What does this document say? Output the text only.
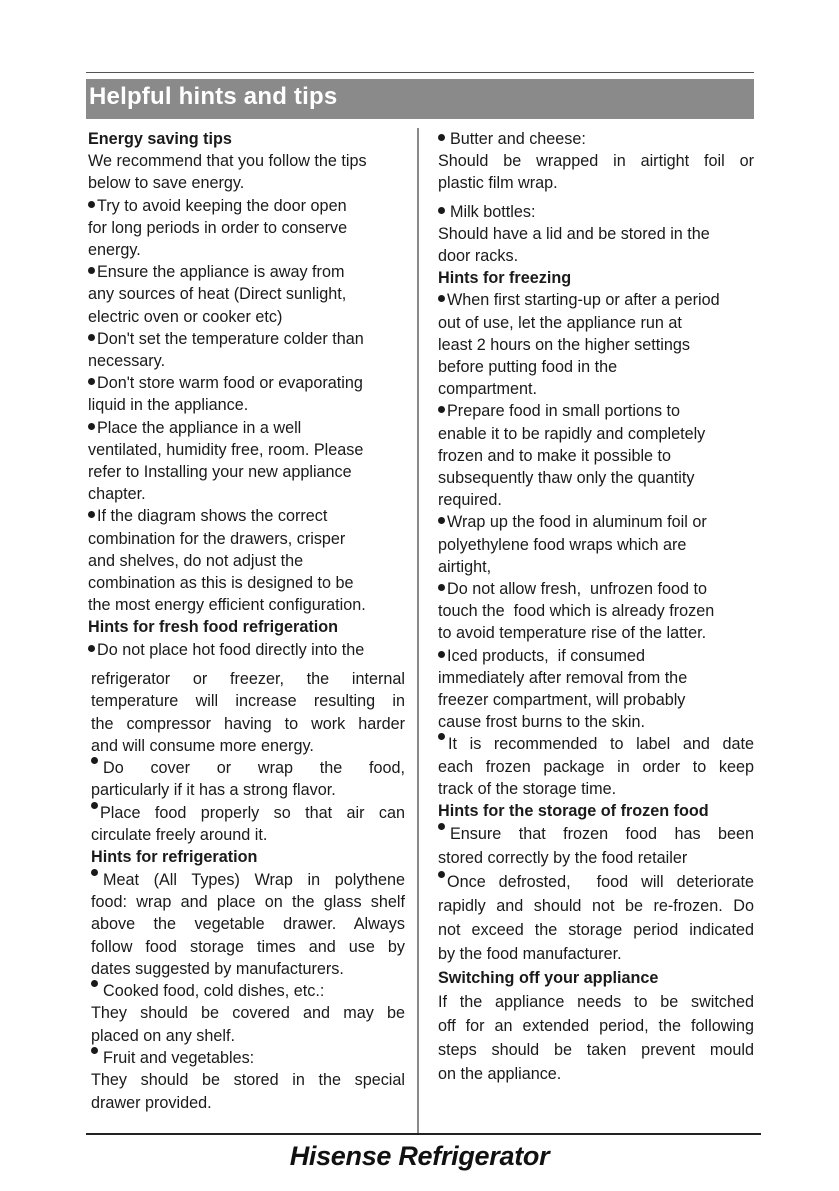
Helpful hints and tips

Energy saving tips

We recommend that you follow the tips

below to save energy.

Try to avoid keeping the door open

for long periods in order to conserve

energy.

Ensure the appliance is away from

any sources of heat (Direct sunlight,

electric oven or cooker etc)

Don't set the temperature colder than

necessary.

Don't store warm food or evaporating

liquid in the appliance.

Place the appliance in a well

ventilated, humidity free, room. Please

refer to Installing your new appliance

chapter.

If the diagram shows the correct

combination for the drawers, crisper

and shelves, do not adjust the

combination as this is designed to be

the most energy efficient configuration.

Hints for fresh food refrigeration

Do not place hot food directly into the

refrigerator or freezer, the internal

temperature will increase resulting in

the compressor having to work harder

and will consume more energy.

Do cover or wrap the food,

particularly if it has a strong flavor.

Place food properly so that air can

circulate freely around it.

Hints for refrigeration

Meat (All Types) Wrap in polythene

food: wrap and place on the glass shelf

above the vegetable drawer. Always

follow food storage times and use by

dates suggested by manufacturers.

Cooked food, cold dishes, etc.:

They should be covered and may be

placed on any shelf.

Fruit and vegetables:

They should be stored in the special

drawer provided.

Butter and cheese:

Should be wrapped in airtight foil or

plastic film wrap.

Milk bottles:

Should have a lid and be stored in the

door racks.

Hints for freezing

When first starting-up or after a period

out of use, let the appliance run at

least 2 hours on the higher settings

before putting food in the

compartment.

Prepare food in small portions to

enable it to be rapidly and completely

frozen and to make it possible to

subsequently thaw only the quantity

required.

Wrap up the food in aluminum foil or

polyethylene food wraps which are

airtight,

Do not allow fresh,  unfrozen food to

touch the  food which is already frozen

to avoid temperature rise of the latter.

Iced products,  if consumed

immediately after removal from the

freezer compartment, will probably

cause frost burns to the skin.

It is recommended to label and date

each frozen package in order to keep

track of the storage time.

Hints for the storage of frozen food

Ensure that frozen food has been

stored correctly by the food retailer

Once defrosted,  food will deteriorate

rapidly and should not be re-frozen. Do

not exceed the storage period indicated

by the food manufacturer.

Switching off your appliance

If the appliance needs to be switched

off for an extended period, the following

steps should be taken prevent mould

on the appliance.

Hisense Refrigerator
